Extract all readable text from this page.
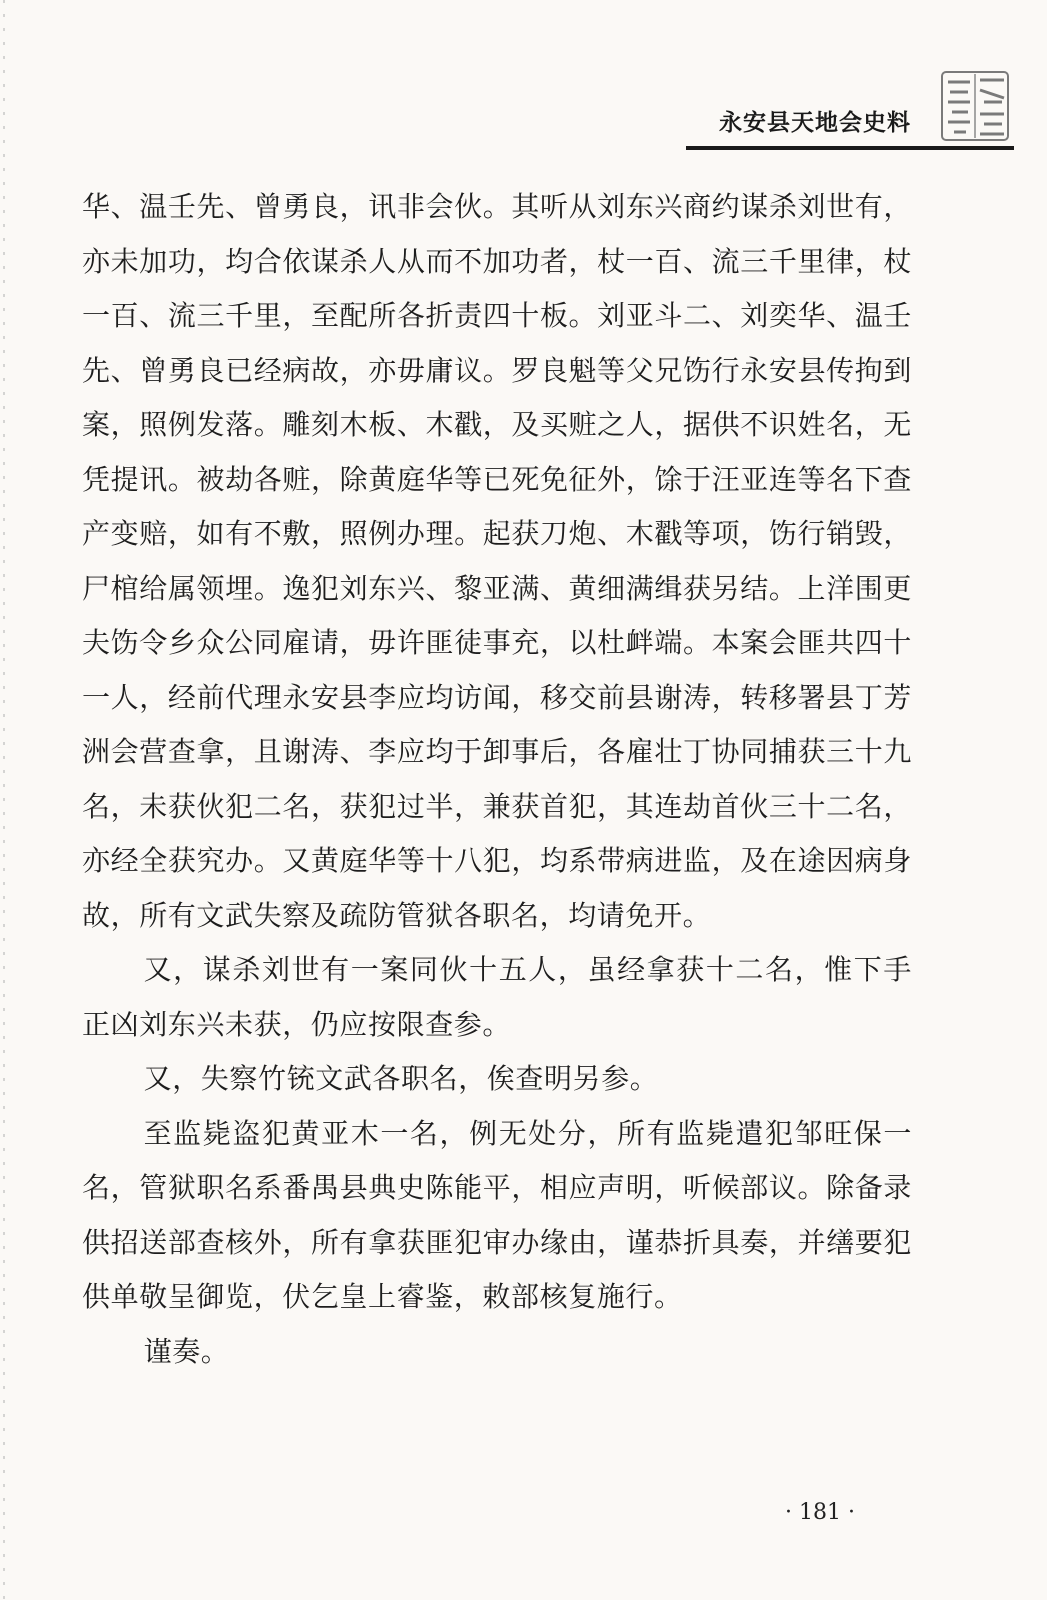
永安县天地会史料

华、温壬先、曾勇良，讯非会伙。其听从刘东兴商约谋杀刘世有，亦未加功，均合依谋杀人从而不加功者，杖一百、流三千里律，杖一百、流三千里，至配所各折责四十板。刘亚斗二、刘奕华、温壬先、曾勇良已经病故，亦毋庸议。罗良魁等父兄饬行永安县传拘到案，照例发落。雕刻木板、木戳，及买赃之人，据供不识姓名，无凭提讯。被劫各赃，除黄庭华等已死免征外，馀于汪亚连等名下查产变赔，如有不敷，照例办理。起获刀炮、木戳等项，饬行销毁，尸棺给属领埋。逸犯刘东兴、黎亚满、黄细满缉获另结。上洋围更夫饬令乡众公同雇请，毋许匪徒事充，以杜衅端。本案会匪共四十一人，经前代理永安县李应均访闻，移交前县谢涛，转移署县丁芳洲会营查拿，且谢涛、李应均于卸事后，各雇壮丁协同捕获三十九名，未获伙犯二名，获犯过半，兼获首犯，其连劫首伙三十二名，亦经全获究办。又黄庭华等十八犯，均系带病进监，及在途因病身故，所有文武失察及疏防管狱各职名，均请免开。

又，谋杀刘世有一案同伙十五人，虽经拿获十二名，惟下手正凶刘东兴未获，仍应按限查参。

又，失察竹铳文武各职名，俟查明另参。

至监毙盗犯黄亚木一名，例无处分，所有监毙遣犯邹旺保一名，管狱职名系番禺县典史陈能平，相应声明，听候部议。除备录供招送部查核外，所有拿获匪犯审办缘由，谨恭折具奏，并缮要犯供单敬呈御览，伏乞皇上睿鉴，敕部核复施行。

谨奏。

· 181 ·
